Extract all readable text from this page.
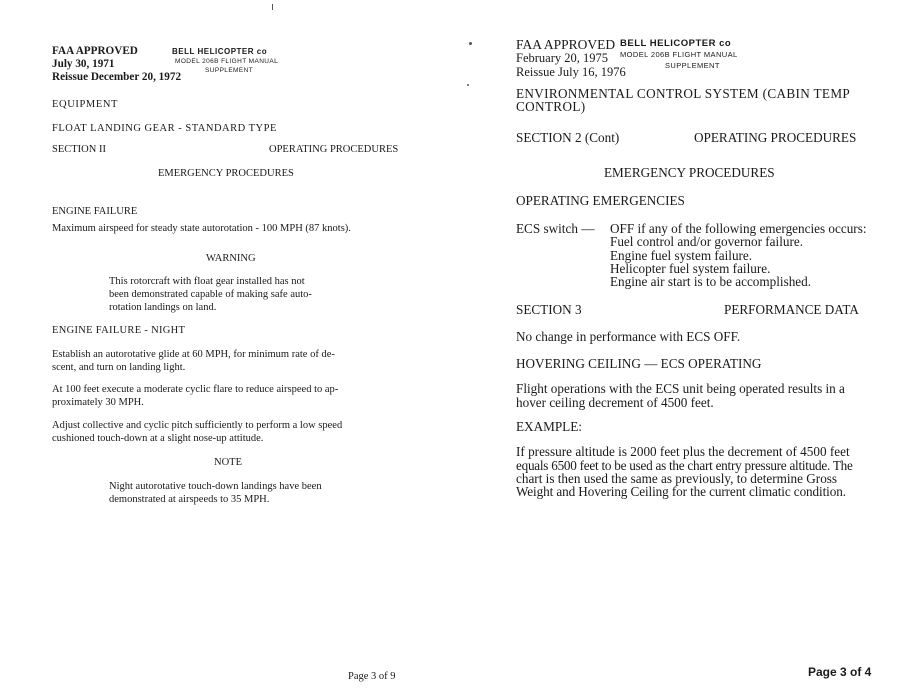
FAA APPROVED
July 30, 1971
Reissue December 20, 1972
BELL HELICOPTER co
MODEL 206B FLIGHT MANUAL
SUPPLEMENT
EQUIPMENT
FLOAT LANDING GEAR - STANDARD TYPE
SECTION II	OPERATING PROCEDURES
EMERGENCY PROCEDURES
ENGINE FAILURE
Maximum airspeed for steady state autorotation - 100 MPH (87 knots).
WARNING
This rotorcraft with float gear installed has not
been demonstrated capable of making safe auto-
rotation landings on land.
ENGINE FAILURE - NIGHT
Establish an autorotative glide at 60 MPH, for minimum rate of de-
scent, and turn on landing light.
At 100 feet execute a moderate cyclic flare to reduce airspeed to ap-
proximately 30 MPH.
Adjust collective and cyclic pitch sufficiently to perform a low speed
cushioned touch-down at a slight nose-up attitude.
NOTE
Night autorotative touch-down landings have been
demonstrated at airspeeds to 35 MPH.
Page 3 of 9
FAA APPROVED
February 20, 1975
Reissue July 16, 1976
BELL HELICOPTER co
MODEL 206B FLIGHT MANUAL
SUPPLEMENT
ENVIRONMENTAL CONTROL SYSTEM (CABIN TEMP
CONTROL)
SECTION 2 (Cont)	OPERATING PROCEDURES
EMERGENCY PROCEDURES
OPERATING EMERGENCIES
ECS switch — OFF if any of the following emergencies occurs:
Fuel control and/or governor failure.
Engine fuel system failure.
Helicopter fuel system failure.
Engine air start is to be accomplished.
SECTION 3	PERFORMANCE DATA
No change in performance with ECS OFF.
HOVERING CEILING — ECS OPERATING
Flight operations with the ECS unit being operated results in a
hover ceiling decrement of 4500 feet.
EXAMPLE:
If pressure altitude is 2000 feet plus the decrement of 4500 feet
equals 6500 feet to be used as the chart entry pressure altitude. The
chart is then used the same as previously, to determine Gross
Weight and Hovering Ceiling for the current climatic condition.
Page 3 of 4
